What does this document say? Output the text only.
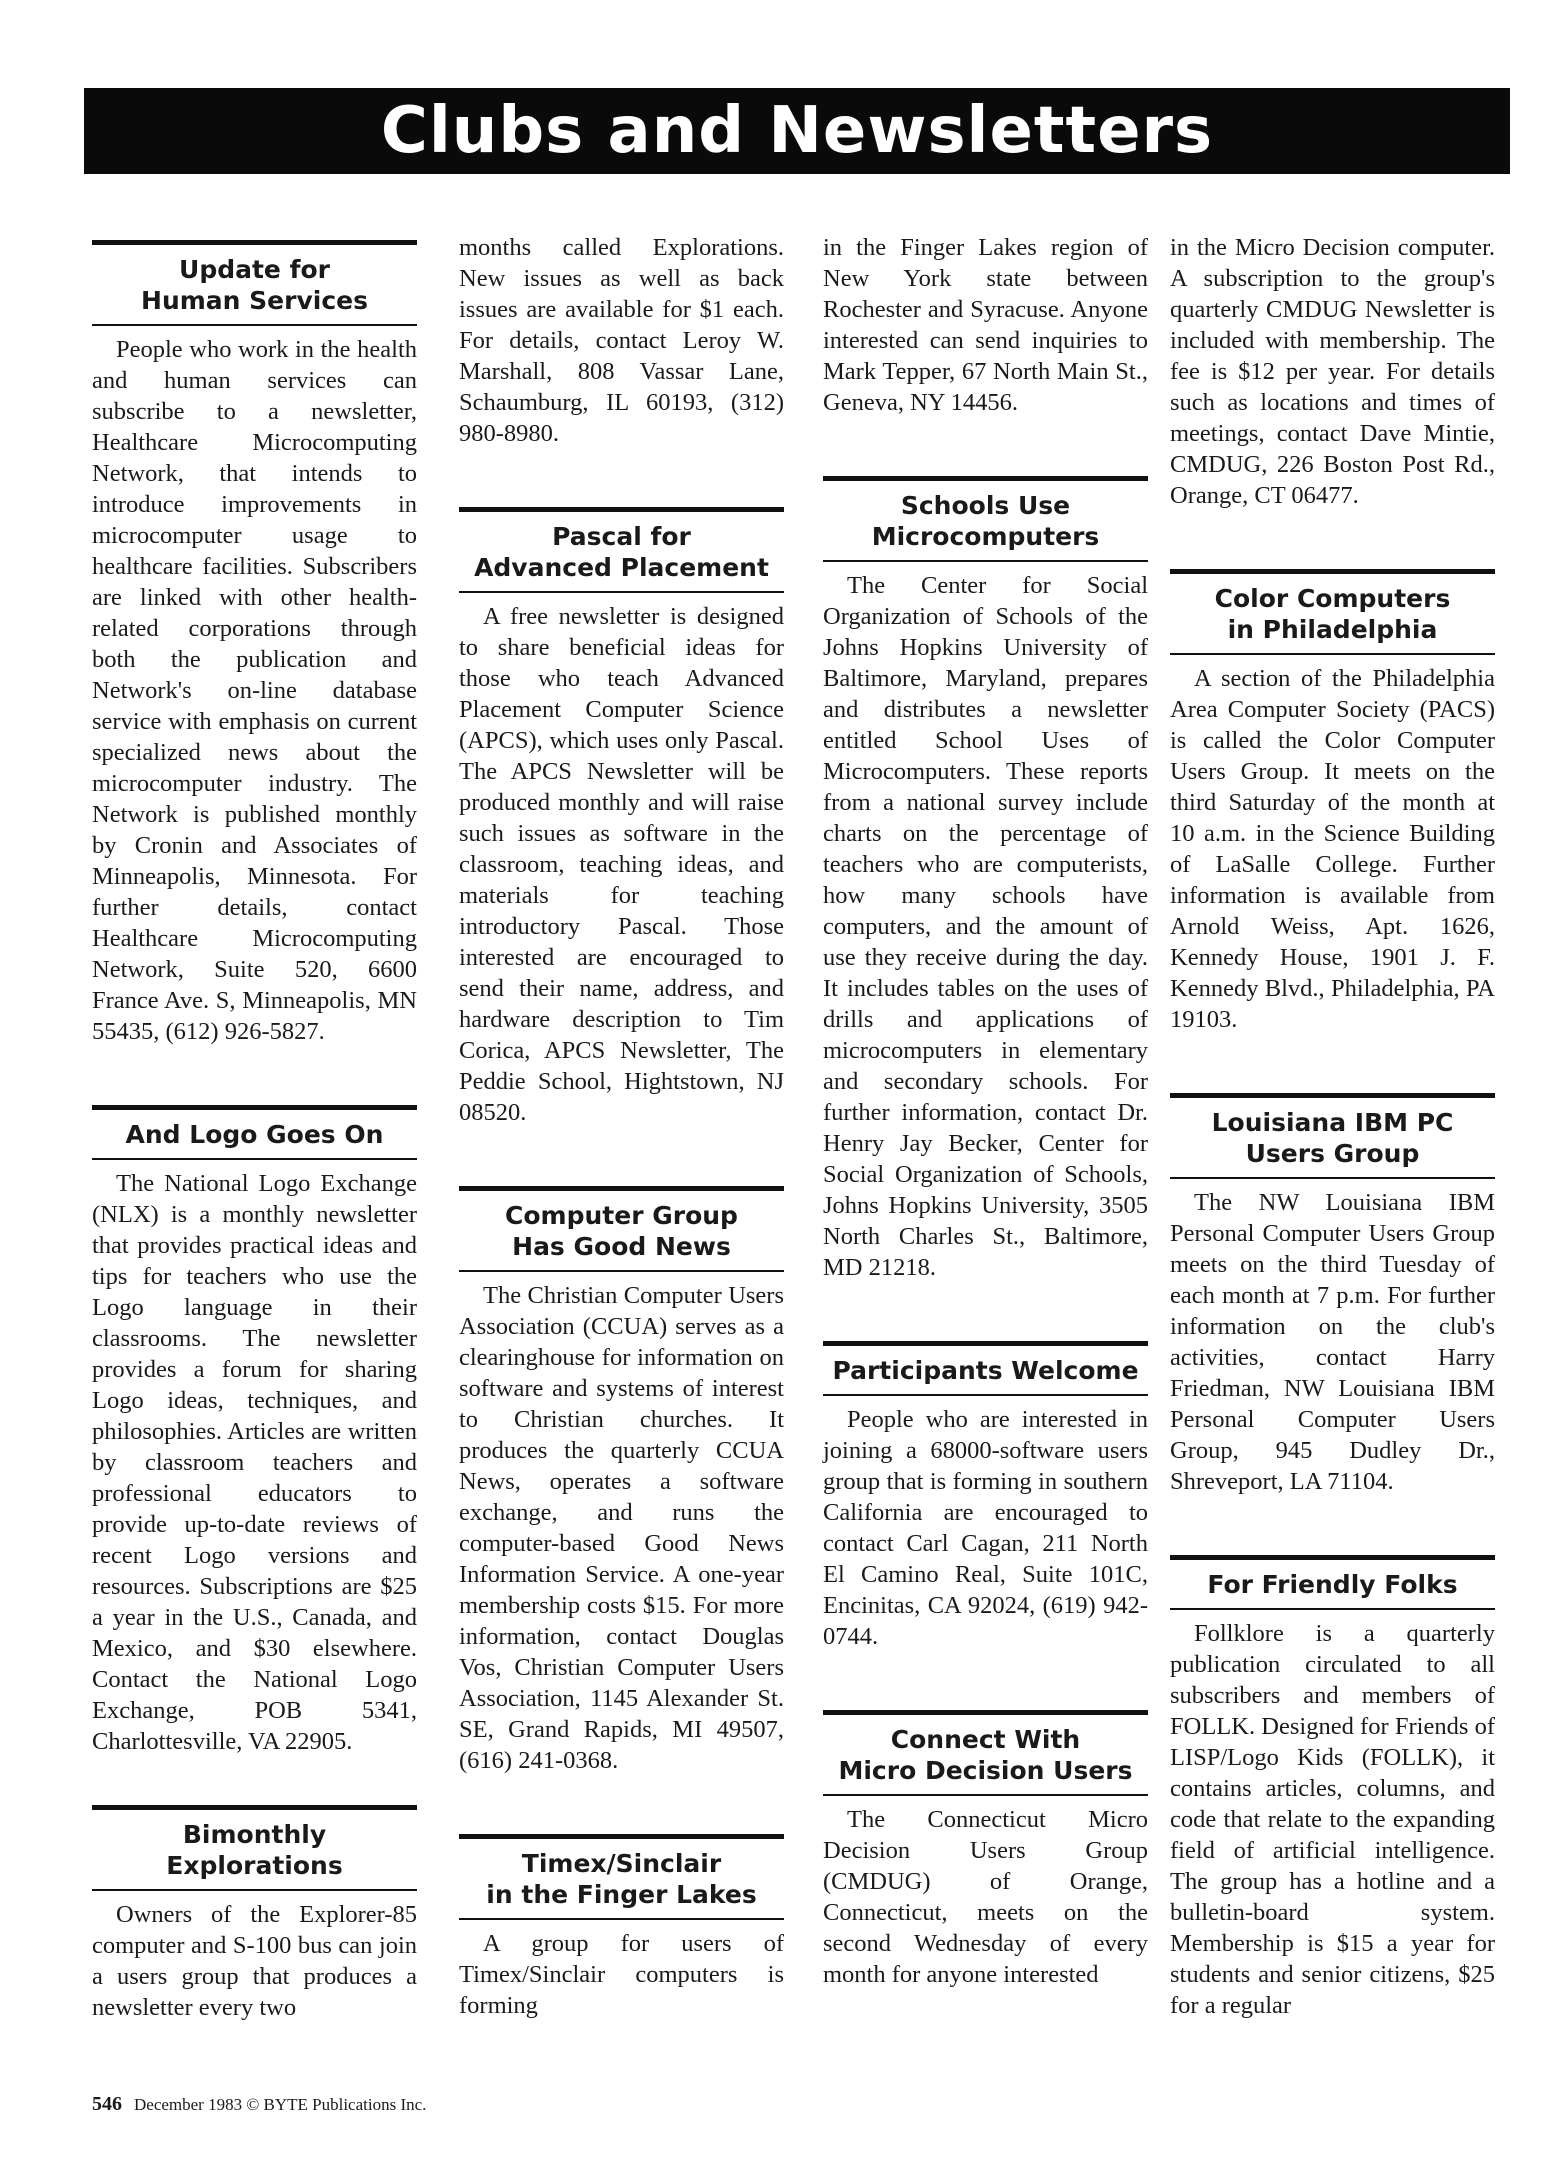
Clubs and Newsletters
Update for
Human Services

People who work in the health and human services can subscribe to a newsletter, Healthcare Microcomputing Network, that intends to introduce improvements in microcomputer usage to healthcare facilities. Subscribers are linked with other health-related corporations through both the publication and Network's on-line database service with emphasis on current specialized news about the microcomputer industry. The Network is published monthly by Cronin and Associates of Minneapolis, Minnesota. For further details, contact Healthcare Microcomputing Network, Suite 520, 6600 France Ave. S, Minneapolis, MN 55435, (612) 926-5827.

And Logo Goes On

The National Logo Exchange (NLX) is a monthly newsletter that provides practical ideas and tips for teachers who use the Logo language in their classrooms. The newsletter provides a forum for sharing Logo ideas, techniques, and philosophies. Articles are written by classroom teachers and professional educators to provide up-to-date reviews of recent Logo versions and resources. Subscriptions are $25 a year in the U.S., Canada, and Mexico, and $30 elsewhere. Contact the National Logo Exchange, POB 5341, Charlottesville, VA 22905.

Bimonthly
Explorations

Owners of the Explorer-85 computer and S-100 bus can join a users group that produces a newsletter every two

months called Explorations. New issues as well as back issues are available for $1 each. For details, contact Leroy W. Marshall, 808 Vassar Lane, Schaumburg, IL 60193, (312) 980-8980.

Pascal for
Advanced Placement

A free newsletter is designed to share beneficial ideas for those who teach Advanced Placement Computer Science (APCS), which uses only Pascal. The APCS Newsletter will be produced monthly and will raise such issues as software in the classroom, teaching ideas, and materials for teaching introductory Pascal. Those interested are encouraged to send their name, address, and hardware description to Tim Corica, APCS Newsletter, The Peddie School, Hightstown, NJ 08520.

Computer Group
Has Good News

The Christian Computer Users Association (CCUA) serves as a clearinghouse for information on software and systems of interest to Christian churches. It produces the quarterly CCUA News, operates a software exchange, and runs the computer-based Good News Information Service. A one-year membership costs $15. For more information, contact Douglas Vos, Christian Computer Users Association, 1145 Alexander St. SE, Grand Rapids, MI 49507, (616) 241-0368.

Timex/Sinclair
in the Finger Lakes

A group for users of Timex/Sinclair computers is forming

in the Finger Lakes region of New York state between Rochester and Syracuse. Anyone interested can send inquiries to Mark Tepper, 67 North Main St., Geneva, NY 14456.

Schools Use
Microcomputers

The Center for Social Organization of Schools of the Johns Hopkins University of Baltimore, Maryland, prepares and distributes a newsletter entitled School Uses of Microcomputers. These reports from a national survey include charts on the percentage of teachers who are computerists, how many schools have computers, and the amount of use they receive during the day. It includes tables on the uses of drills and applications of microcomputers in elementary and secondary schools. For further information, contact Dr. Henry Jay Becker, Center for Social Organization of Schools, Johns Hopkins University, 3505 North Charles St., Baltimore, MD 21218.

Participants Welcome

People who are interested in joining a 68000-software users group that is forming in southern California are encouraged to contact Carl Cagan, 211 North El Camino Real, Suite 101C, Encinitas, CA 92024, (619) 942-0744.

Connect With
Micro Decision Users

The Connecticut Micro Decision Users Group (CMDUG) of Orange, Connecticut, meets on the second Wednesday of every month for anyone interested

in the Micro Decision computer. A subscription to the group's quarterly CMDUG Newsletter is included with membership. The fee is $12 per year. For details such as locations and times of meetings, contact Dave Mintie, CMDUG, 226 Boston Post Rd., Orange, CT 06477.

Color Computers
in Philadelphia

A section of the Philadelphia Area Computer Society (PACS) is called the Color Computer Users Group. It meets on the third Saturday of the month at 10 a.m. in the Science Building of LaSalle College. Further information is available from Arnold Weiss, Apt. 1626, Kennedy House, 1901 J. F. Kennedy Blvd., Philadelphia, PA 19103.

Louisiana IBM PC
Users Group

The NW Louisiana IBM Personal Computer Users Group meets on the third Tuesday of each month at 7 p.m. For further information on the club's activities, contact Harry Friedman, NW Louisiana IBM Personal Computer Users Group, 945 Dudley Dr., Shreveport, LA 71104.

For Friendly Folks

Follklore is a quarterly publication circulated to all subscribers and members of FOLLK. Designed for Friends of LISP/Logo Kids (FOLLK), it contains articles, columns, and code that relate to the expanding field of artificial intelligence. The group has a hotline and a bulletin-board system. Membership is $15 a year for students and senior citizens, $25 for a regular

546 December 1983 © BYTE Publications Inc.
